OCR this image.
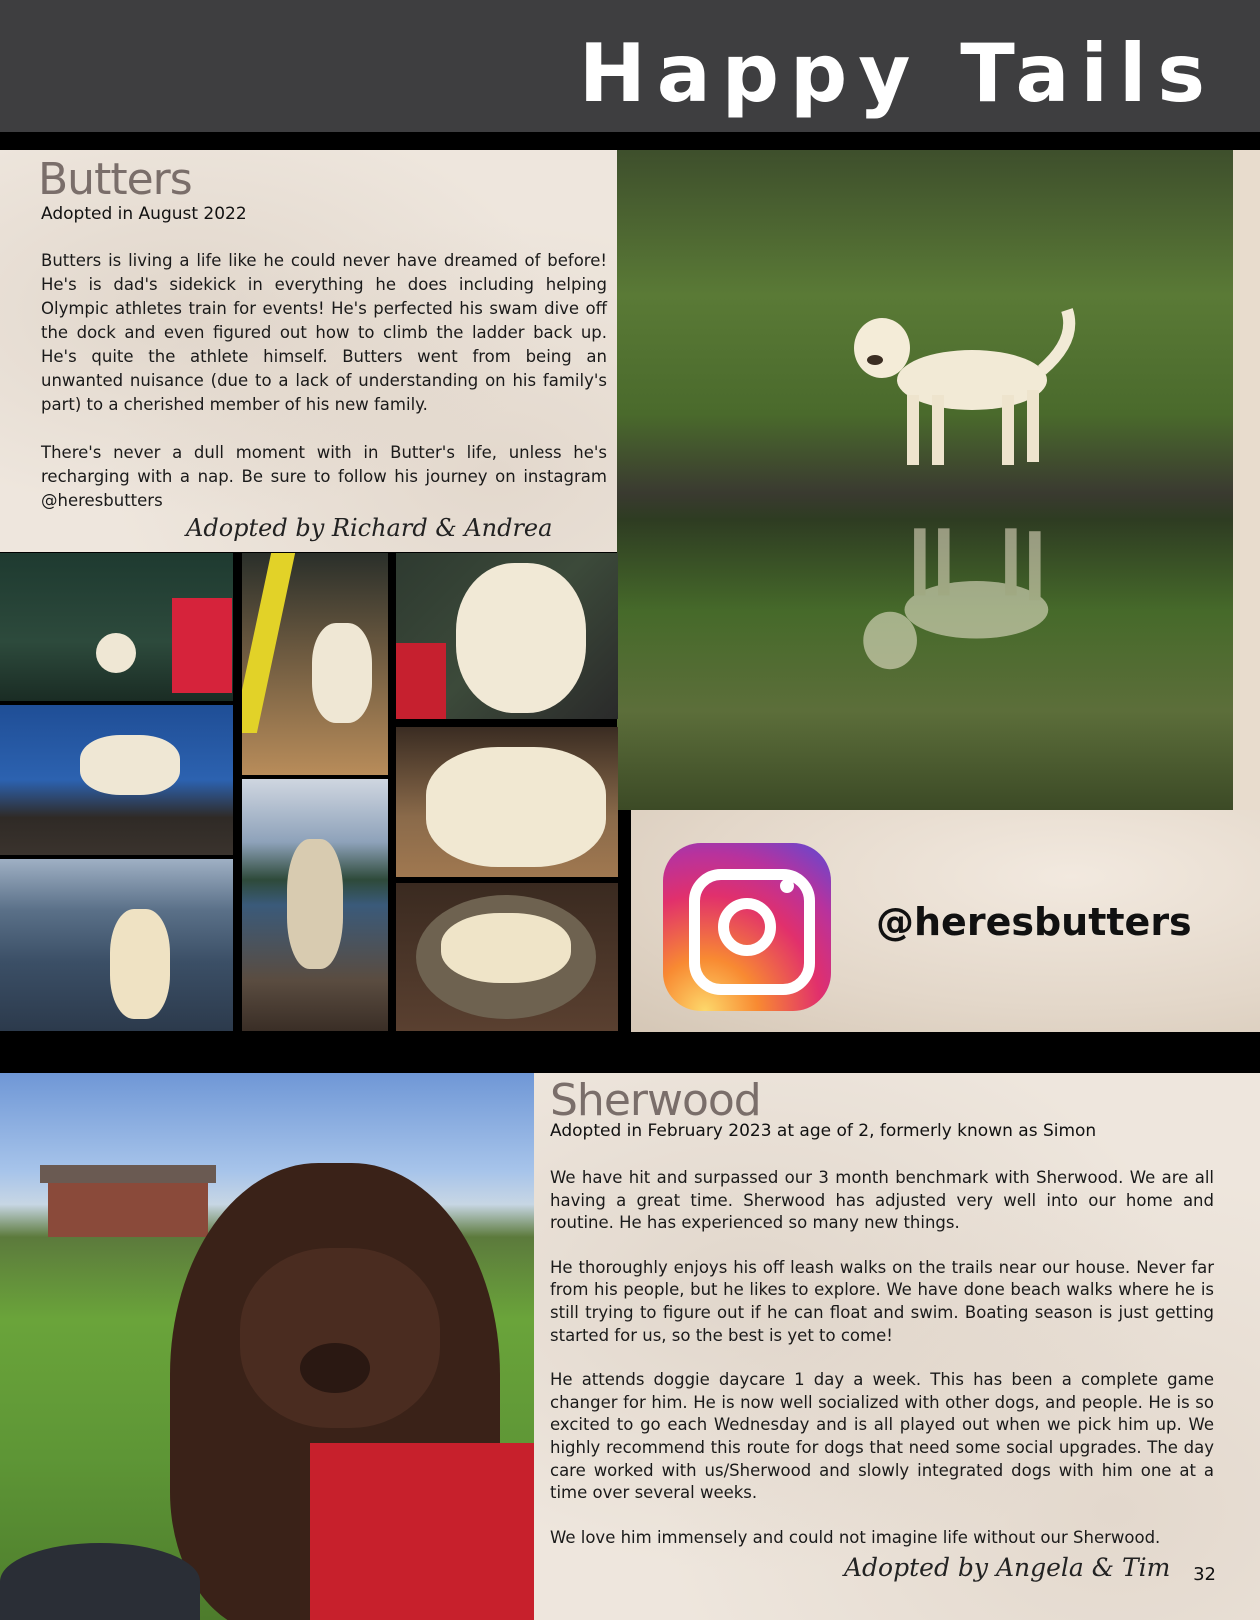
Happy Tails
Butters

Adopted in August 2022

Butters is living a life like he could never have dreamed of before! He's is dad's sidekick in everything he does including helping Olympic athletes train for events! He's perfected his swam dive off the dock and even figured out how to climb the ladder back up. He's quite the athlete himself. Butters went from being an unwanted nuisance (due to a lack of understanding on his family's part) to a cherished member of his new family.

There's never a dull moment with in Butter's life, unless he's recharging with a nap. Be sure to follow his journey on instagram @heresbutters

Adopted by Richard & Andrea

@heresbutters

Sherwood

Adopted in February 2023 at age of 2, formerly known as Simon

We have hit and surpassed our 3 month benchmark with Sherwood. We are all having a great time. Sherwood has adjusted very well into our home and routine. He has experienced so many new things.

He thoroughly enjoys his off leash walks on the trails near our house. Never far from his people, but he likes to explore. We have done beach walks where he is still trying to figure out if he can float and swim. Boating season is just getting started for us, so the best is yet to come!

He attends doggie daycare 1 day a week. This has been a complete game changer for him. He is now well socialized with other dogs, and people. He is so excited to go each Wednesday and is all played out when we pick him up. We highly recommend this route for dogs that need some social upgrades. The day care worked with us/Sherwood and slowly integrated dogs with him one at a time over several weeks.

We love him immensely and could not imagine life without our Sherwood.

Adopted by Angela & Tim 32
